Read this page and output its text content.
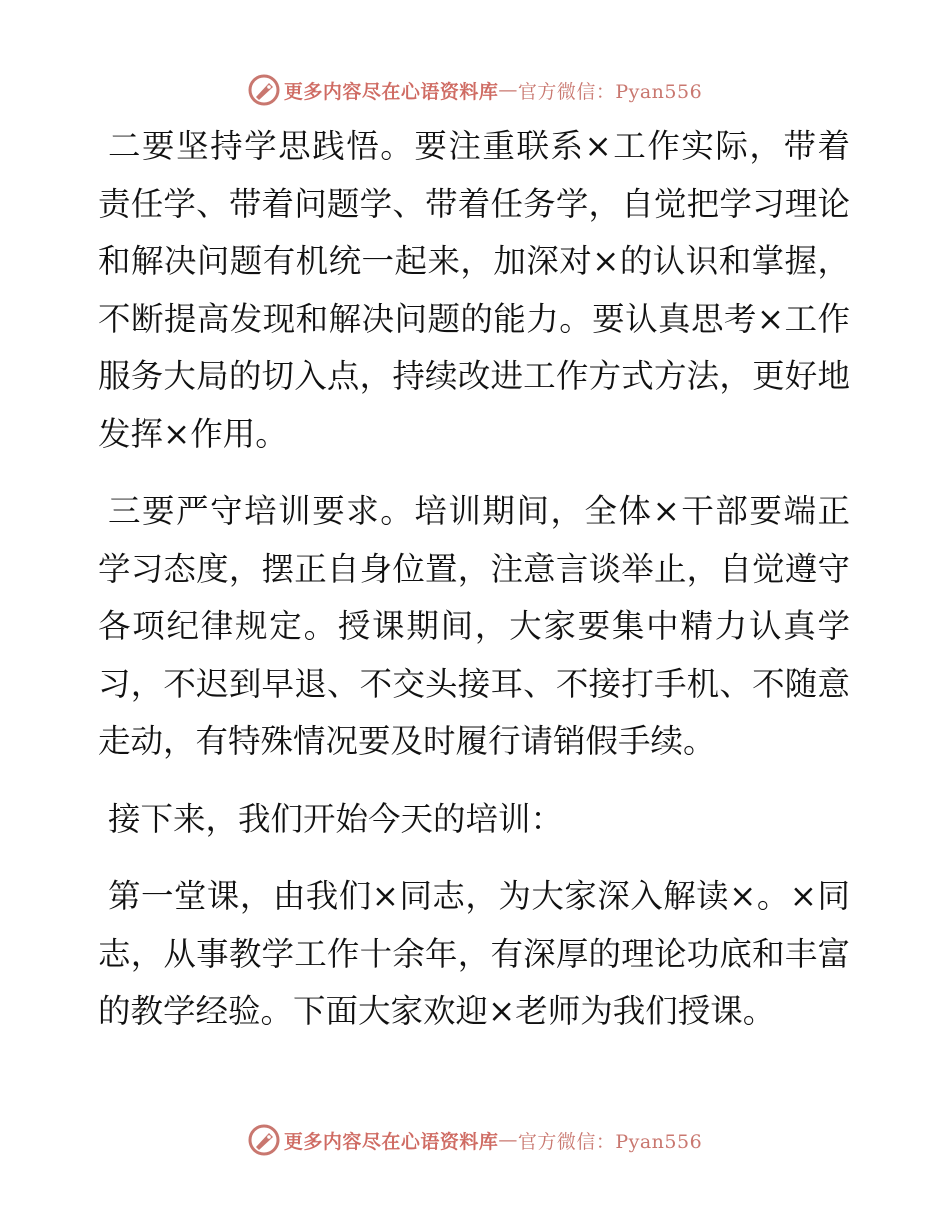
更多内容尽在心语资料库 — 官方微信：Pyan556

二要坚持学思践悟。要注重联系×工作实际，带着责任学、带着问题学、带着任务学，自觉把学习理论和解决问题有机统一起来，加深对×的认识和掌握，不断提高发现和解决问题的能力。要认真思考×工作服务大局的切入点，持续改进工作方式方法，更好地发挥×作用。

三要严守培训要求。培训期间，全体×干部要端正学习态度，摆正自身位置，注意言谈举止，自觉遵守各项纪律规定。授课期间，大家要集中精力认真学习，不迟到早退、不交头接耳、不接打手机、不随意走动，有特殊情况要及时履行请销假手续。

接下来，我们开始今天的培训：

第一堂课，由我们×同志，为大家深入解读×。×同志，从事教学工作十余年，有深厚的理论功底和丰富的教学经验。下面大家欢迎×老师为我们授课。

更多内容尽在心语资料库 — 官方微信：Pyan556
